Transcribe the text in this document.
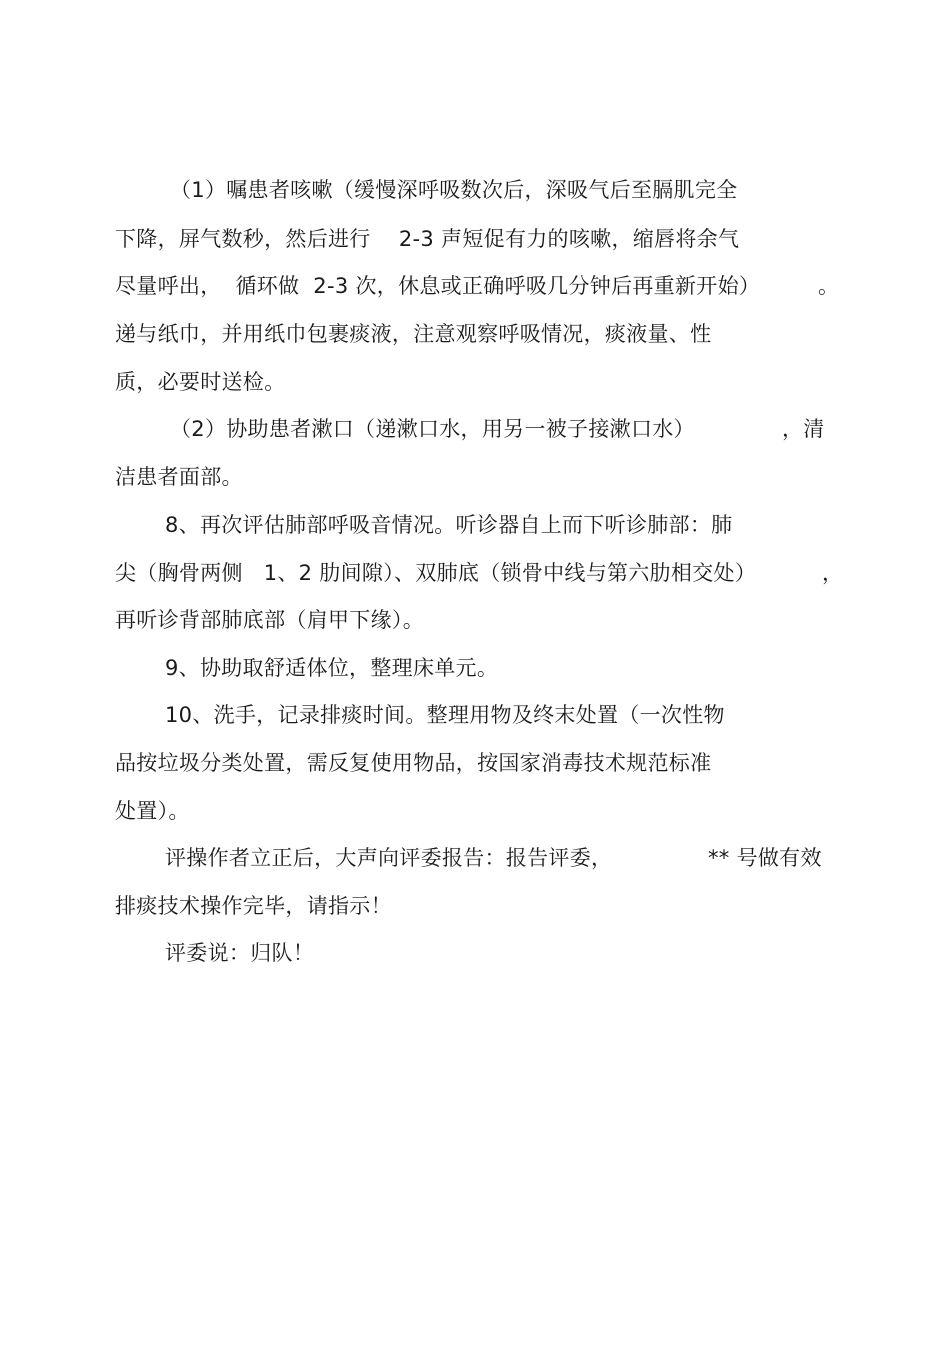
（1）嘱患者咳嗽（缓慢深呼吸数次后，深吸气后至膈肌完全
下降，屏气数秒，然后进行　 2-3 声短促有力的咳嗽，缩唇将余气
尽量呼出，  循环做  2-3 次，休息或正确呼吸几分钟后再重新开始）	。
递与纸巾，并用纸巾包裹痰液，注意观察呼吸情况，痰液量、性
质，必要时送检。
（2）协助患者漱口（递漱口水，用另一被子接漱口水）	，清
洁患者面部。
8、再次评估肺部呼吸音情况。听诊器自上而下听诊肺部：肺
尖（胸骨两侧   1、2 肋间隙）、双肺底（锁骨中线与第六肋相交处）	，
再听诊背部肺底部（肩甲下缘）。
9、协助取舒适体位，整理床单元。
10、洗手，记录排痰时间。整理用物及终末处置（一次性物
品按垃圾分类处置，需反复使用物品，按国家消毒技术规范标准
处置）。
评操作者立正后，大声向评委报告：报告评委，	** 号做有效
排痰技术操作完毕，请指示！
评委说：归队！
